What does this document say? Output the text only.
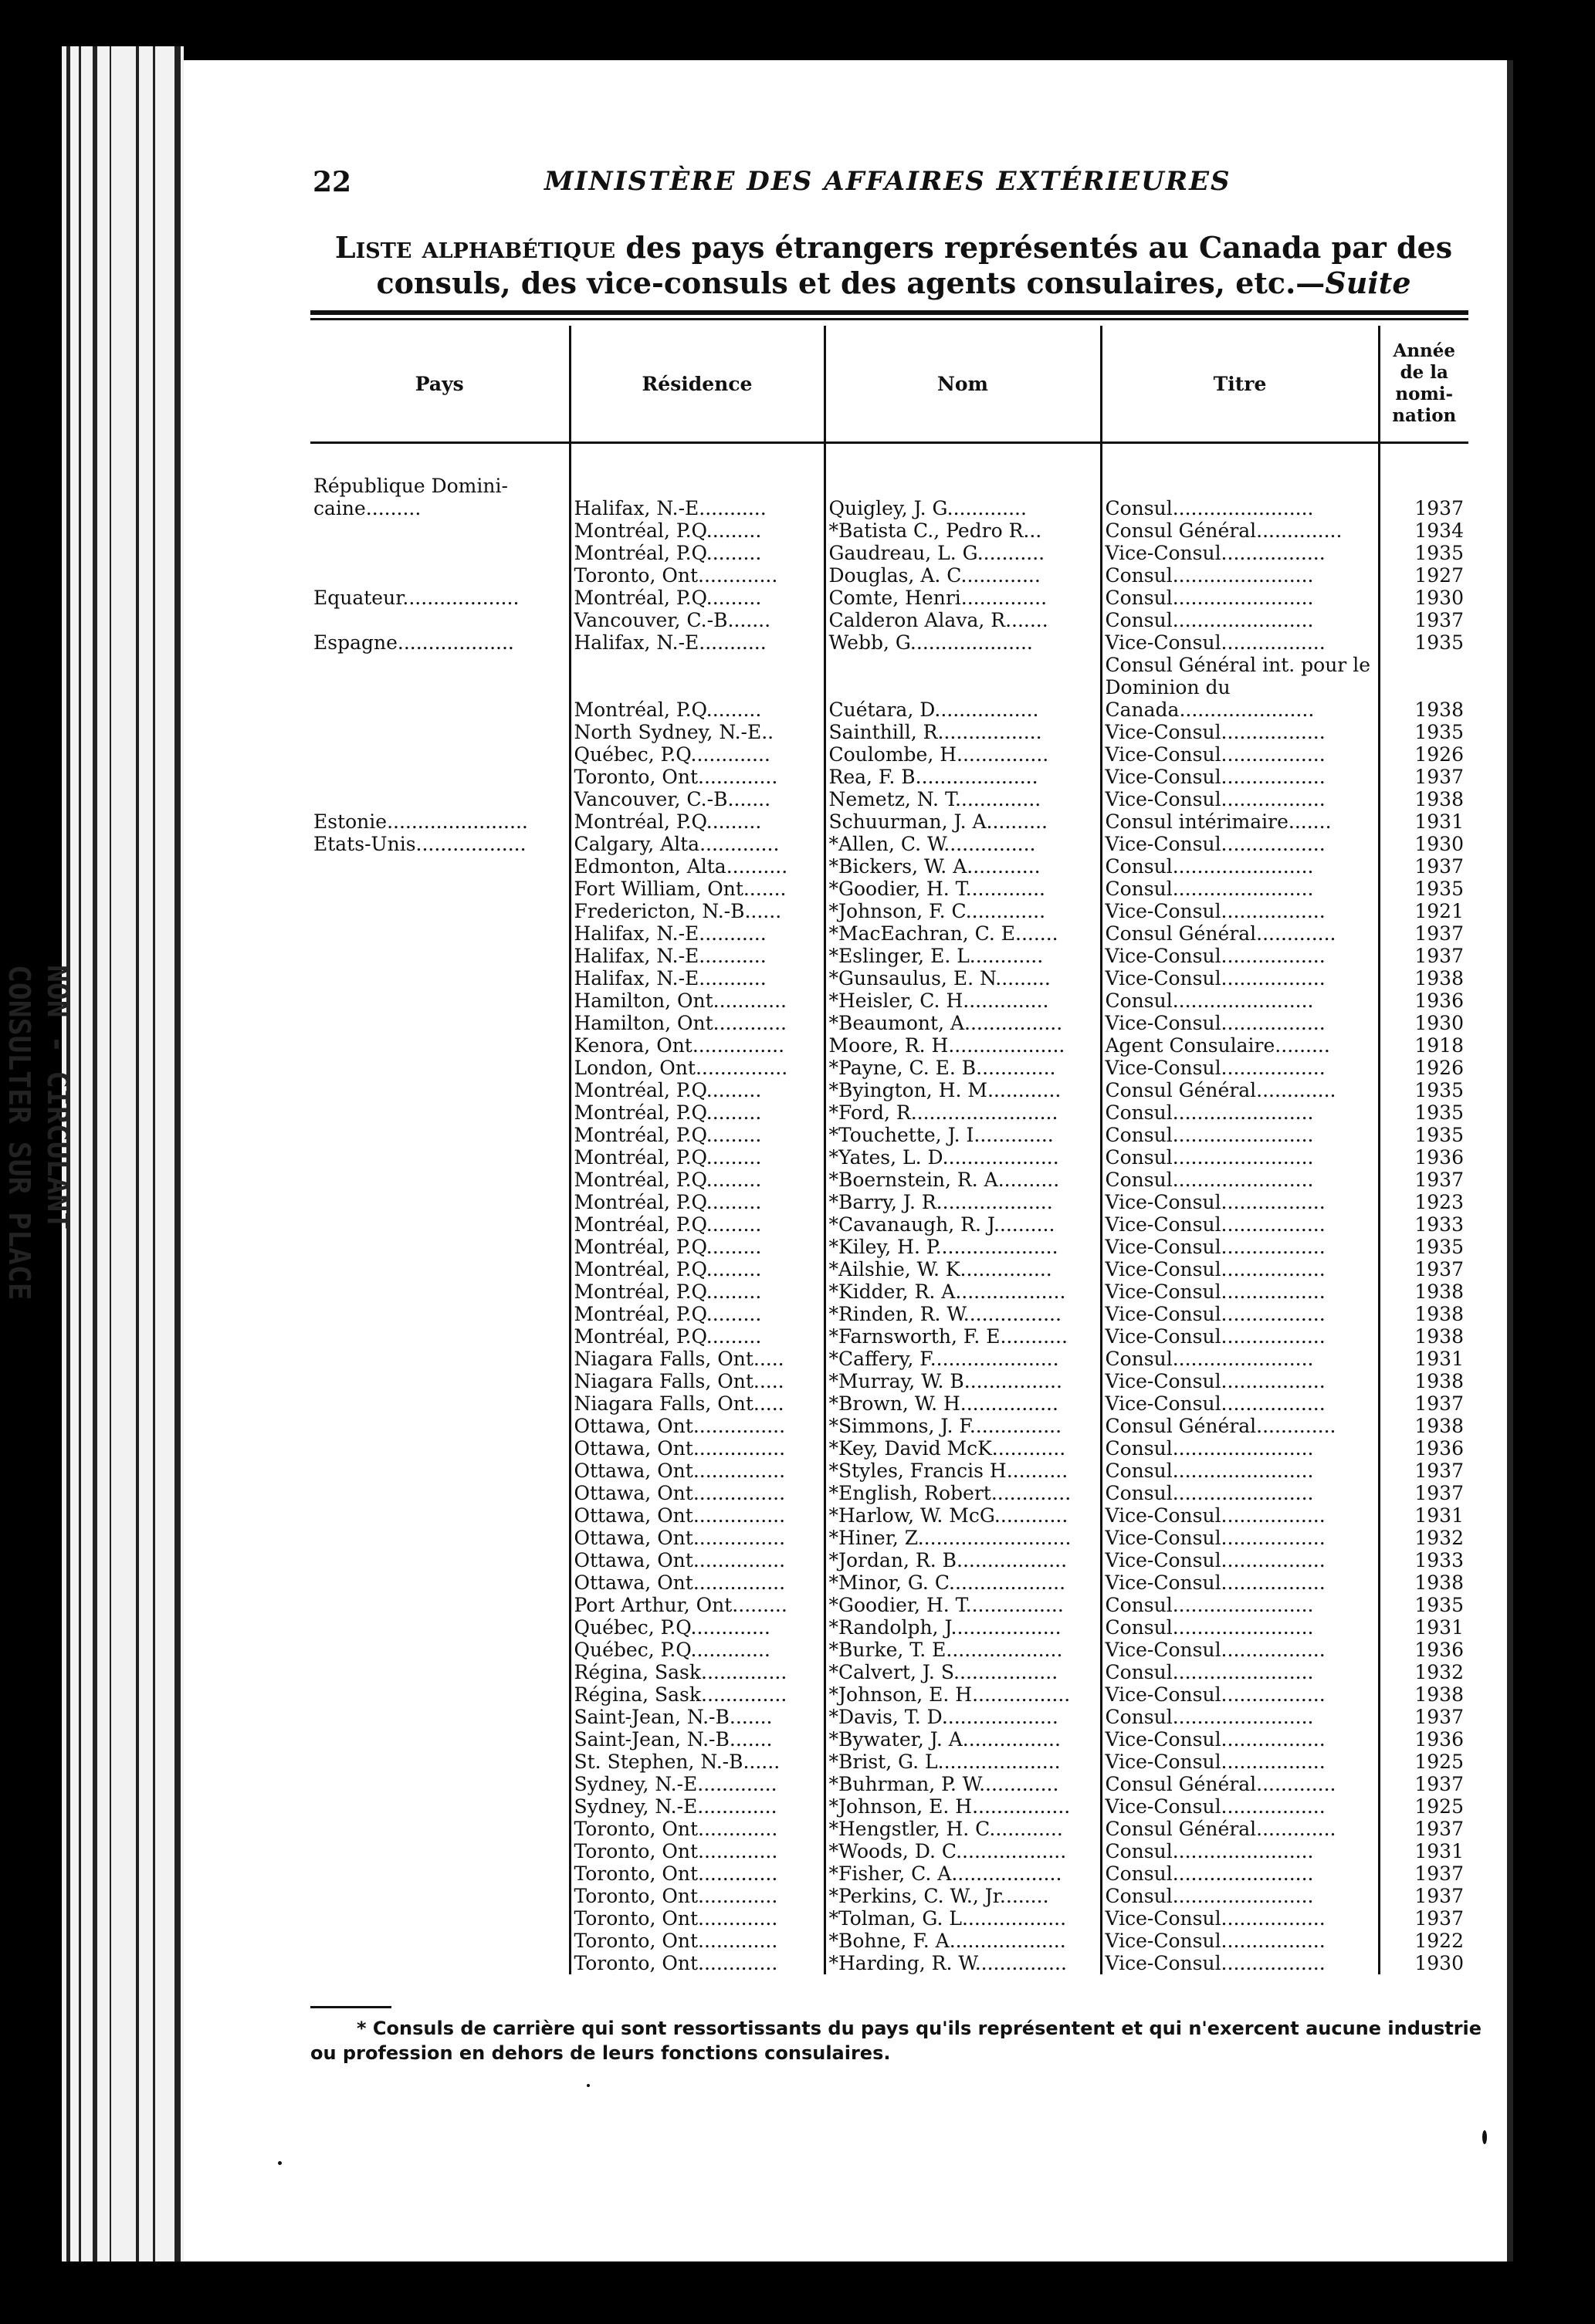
NON - CIRCULANT
CONSULTER SUR PLACE
22	MINISTÈRE DES AFFAIRES EXTÉRIEURES
Liste alphabétique des pays étrangers représentés au Canada par des consuls, des vice-consuls et des agents consulaires, etc.—Suite
Pays	Résidence	Nom	Titre	Année
de la
nomi-
nation

République Domini-				
caine.........	Halifax, N.-E...........	Quigley, J. G.............	Consul.......................	1937
	Montréal, P.Q.........	*Batista C., Pedro R...	Consul Général..............	1934
	Montréal, P.Q.........	Gaudreau, L. G...........	Vice-Consul.................	1935
	Toronto, Ont.............	Douglas, A. C.............	Consul.......................	1927
Equateur...................	Montréal, P.Q.........	Comte, Henri..............	Consul.......................	1930
	Vancouver, C.-B.......	Calderon Alava, R.......	Consul.......................	1937
Espagne...................	Halifax, N.-E...........	Webb, G....................	Vice-Consul.................	1935
	Montréal, P.Q.........	Cuétara, D.................	Consul Général int. pour le Dominion du Canada......................	1938
	North Sydney, N.-E..	Sainthill, R.................	Vice-Consul.................	1935
	Québec, P.Q.............	Coulombe, H...............	Vice-Consul.................	1926
	Toronto, Ont.............	Rea, F. B....................	Vice-Consul.................	1937
	Vancouver, C.-B.......	Nemetz, N. T..............	Vice-Consul.................	1938
Estonie.......................	Montréal, P.Q.........	Schuurman, J. A..........	Consul intérimaire.......	1931
Etats-Unis..................	Calgary, Alta.............	*Allen, C. W...............	Vice-Consul.................	1930
	Edmonton, Alta..........	*Bickers, W. A............	Consul.......................	1937
	Fort William, Ont.......	*Goodier, H. T.............	Consul.......................	1935
	Fredericton, N.-B......	*Johnson, F. C.............	Vice-Consul.................	1921
	Halifax, N.-E...........	*MacEachran, C. E.......	Consul Général.............	1937
	Halifax, N.-E...........	*Eslinger, E. L............	Vice-Consul.................	1937
	Halifax, N.-E...........	*Gunsaulus, E. N.........	Vice-Consul.................	1938
	Hamilton, Ont............	*Heisler, C. H..............	Consul.......................	1936
	Hamilton, Ont............	*Beaumont, A................	Vice-Consul.................	1930
	Kenora, Ont...............	Moore, R. H...................	Agent Consulaire.........	1918
	London, Ont...............	*Payne, C. E. B.............	Vice-Consul.................	1926
	Montréal, P.Q.........	*Byington, H. M............	Consul Général.............	1935
	Montréal, P.Q.........	*Ford, R........................	Consul.......................	1935
	Montréal, P.Q.........	*Touchette, J. I.............	Consul.......................	1935
	Montréal, P.Q.........	*Yates, L. D...................	Consul.......................	1936
	Montréal, P.Q.........	*Boernstein, R. A..........	Consul.......................	1937
	Montréal, P.Q.........	*Barry, J. R...................	Vice-Consul.................	1923
	Montréal, P.Q.........	*Cavanaugh, R. J..........	Vice-Consul.................	1933
	Montréal, P.Q.........	*Kiley, H. P....................	Vice-Consul.................	1935
	Montréal, P.Q.........	*Ailshie, W. K...............	Vice-Consul.................	1937
	Montréal, P.Q.........	*Kidder, R. A..................	Vice-Consul.................	1938
	Montréal, P.Q.........	*Rinden, R. W................	Vice-Consul.................	1938
	Montréal, P.Q.........	*Farnsworth, F. E...........	Vice-Consul.................	1938
	Niagara Falls, Ont.....	*Caffery, F.....................	Consul.......................	1931
	Niagara Falls, Ont.....	*Murray, W. B................	Vice-Consul.................	1938
	Niagara Falls, Ont.....	*Brown, W. H................	Vice-Consul.................	1937
	Ottawa, Ont...............	*Simmons, J. F...............	Consul Général.............	1938
	Ottawa, Ont...............	*Key, David McK............	Consul.......................	1936
	Ottawa, Ont...............	*Styles, Francis H..........	Consul.......................	1937
	Ottawa, Ont...............	*English, Robert.............	Consul.......................	1937
	Ottawa, Ont...............	*Harlow, W. McG............	Vice-Consul.................	1931
	Ottawa, Ont...............	*Hiner, Z.........................	Vice-Consul.................	1932
	Ottawa, Ont...............	*Jordan, R. B..................	Vice-Consul.................	1933
	Ottawa, Ont...............	*Minor, G. C...................	Vice-Consul.................	1938
	Port Arthur, Ont.........	*Goodier, H. T................	Consul.......................	1935
	Québec, P.Q.............	*Randolph, J..................	Consul.......................	1931
	Québec, P.Q.............	*Burke, T. E...................	Vice-Consul.................	1936
	Régina, Sask..............	*Calvert, J. S.................	Consul.......................	1932
	Régina, Sask..............	*Johnson, E. H................	Vice-Consul.................	1938
	Saint-Jean, N.-B.......	*Davis, T. D...................	Consul.......................	1937
	Saint-Jean, N.-B.......	*Bywater, J. A................	Vice-Consul.................	1936
	St. Stephen, N.-B......	*Brist, G. L....................	Vice-Consul.................	1925
	Sydney, N.-E.............	*Buhrman, P. W.............	Consul Général.............	1937
	Sydney, N.-E.............	*Johnson, E. H................	Vice-Consul.................	1925
	Toronto, Ont.............	*Hengstler, H. C............	Consul Général.............	1937
	Toronto, Ont.............	*Woods, D. C..................	Consul.......................	1931
	Toronto, Ont.............	*Fisher, C. A..................	Consul.......................	1937
	Toronto, Ont.............	*Perkins, C. W., Jr........	Consul.......................	1937
	Toronto, Ont.............	*Tolman, G. L.................	Vice-Consul.................	1937
	Toronto, Ont.............	*Bohne, F. A...................	Vice-Consul.................	1922
	Toronto, Ont.............	*Harding, R. W...............	Vice-Consul.................	1930
* Consuls de carrière qui sont ressortissants du pays qu'ils représentent et qui n'exercent aucune industrie ou profession en dehors de leurs fonctions consulaires.
